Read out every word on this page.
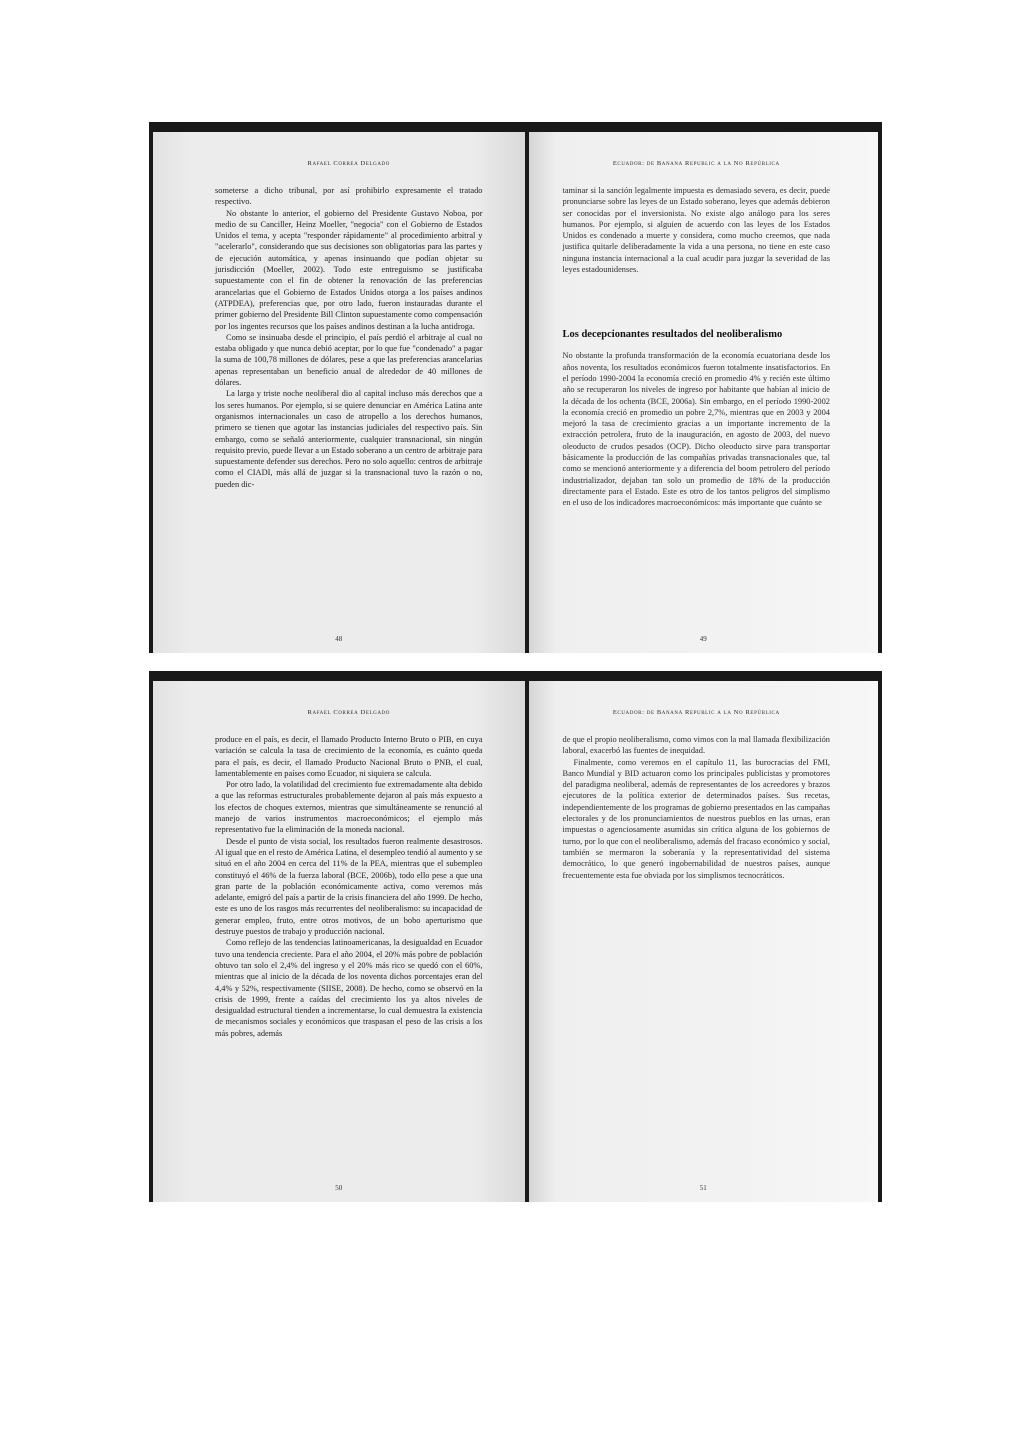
Rafael Correa Delgado

someterse a dicho tribunal, por así prohibirlo expresamente el tratado respectivo.

No obstante lo anterior, el gobierno del Presidente Gustavo Noboa, por medio de su Canciller, Heinz Moeller, "negocia" con el Gobierno de Estados Unidos el tema, y acepta "responder rápidamente" al procedimiento arbitral y "acelerarlo", considerando que sus decisiones son obligatorias para las partes y de ejecución automática, y apenas insinuando que podían objetar su jurisdicción (Moeller, 2002). Todo este entreguismo se justificaba supuestamente con el fin de obtener la renovación de las preferencias arancelarias que el Gobierno de Estados Unidos otorga a los países andinos (ATPDEA), preferencias que, por otro lado, fueron instauradas durante el primer gobierno del Presidente Bill Clinton supuestamente como compensación por los ingentes recursos que los países andinos destinan a la lucha antidroga.

Como se insinuaba desde el principio, el país perdió el arbitraje al cual no estaba obligado y que nunca debió aceptar, por lo que fue "condenado" a pagar la suma de 100,78 millones de dólares, pese a que las preferencias arancelarias apenas representaban un beneficio anual de alrededor de 40 millones de dólares.

La larga y triste noche neoliberal dio al capital incluso más derechos que a los seres humanos. Por ejemplo, si se quiere denunciar en América Latina ante organismos internacionales un caso de atropello a los derechos humanos, primero se tienen que agotar las instancias judiciales del respectivo país. Sin embargo, como se señaló anteriormente, cualquier transnacional, sin ningún requisito previo, puede llevar a un Estado soberano a un centro de arbitraje para supuestamente defender sus derechos. Pero no solo aquello: centros de arbitraje como el CIADI, más allá de juzgar si la transnacional tuvo la razón o no, pueden dic-

48
Ecuador: de Banana Republic a la No República

taminar si la sanción legalmente impuesta es demasiado severa, es decir, puede pronunciarse sobre las leyes de un Estado soberano, leyes que además debieron ser conocidas por el inversionista. No existe algo análogo para los seres humanos. Por ejemplo, si alguien de acuerdo con las leyes de los Estados Unidos es condenado a muerte y considera, como mucho creemos, que nada justifica quitarle deliberadamente la vida a una persona, no tiene en este caso ninguna instancia internacional a la cual acudir para juzgar la severidad de las leyes estadounidenses.

Los decepcionantes resultados del neoliberalismo

No obstante la profunda transformación de la economía ecuatoriana desde los años noventa, los resultados económicos fueron totalmente insatisfactorios. En el período 1990-2004 la economía creció en promedio 4% y recién este último año se recuperaron los niveles de ingreso por habitante que habían al inicio de la década de los ochenta (BCE, 2006a). Sin embargo, en el período 1990-2002 la economía creció en promedio un pobre 2,7%, mientras que en 2003 y 2004 mejoró la tasa de crecimiento gracias a un importante incremento de la extracción petrolera, fruto de la inauguración, en agosto de 2003, del nuevo oleoducto de crudos pesados (OCP). Dicho oleoducto sirve para transportar básicamente la producción de las compañías privadas transnacionales que, tal como se mencionó anteriormente y a diferencia del boom petrolero del período industrializador, dejaban tan solo un promedio de 18% de la producción directamente para el Estado. Este es otro de los tantos peligros del simplismo en el uso de los indicadores macroeconómicos: más importante que cuánto se

49
Rafael Correa Delgado

produce en el país, es decir, el llamado Producto Interno Bruto o PIB, en cuya variación se calcula la tasa de crecimiento de la economía, es cuánto queda para el país, es decir, el llamado Producto Nacional Bruto o PNB, el cual, lamentablemente en países como Ecuador, ni siquiera se calcula.

Por otro lado, la volatilidad del crecimiento fue extremadamente alta debido a que las reformas estructurales probablemente dejaron al país más expuesto a los efectos de choques externos, mientras que simultáneamente se renunció al manejo de varios instrumentos macroeconómicos; el ejemplo más representativo fue la eliminación de la moneda nacional.

Desde el punto de vista social, los resultados fueron realmente desastrosos. Al igual que en el resto de América Latina, el desempleo tendió al aumento y se situó en el año 2004 en cerca del 11% de la PEA, mientras que el subempleo constituyó el 46% de la fuerza laboral (BCE, 2006b), todo ello pese a que una gran parte de la población económicamente activa, como veremos más adelante, emigró del país a partir de la crisis financiera del año 1999. De hecho, este es uno de los rasgos más recurrentes del neoliberalismo: su incapacidad de generar empleo, fruto, entre otros motivos, de un bobo aperturismo que destruye puestos de trabajo y producción nacional.

Como reflejo de las tendencias latinoamericanas, la desigualdad en Ecuador tuvo una tendencia creciente. Para el año 2004, el 20% más pobre de población obtuvo tan solo el 2,4% del ingreso y el 20% más rico se quedó con el 60%, mientras que al inicio de la década de los noventa dichos porcentajes eran del 4,4% y 52%, respectivamente (SIISE, 2008). De hecho, como se observó en la crisis de 1999, frente a caídas del crecimiento los ya altos niveles de desigualdad estructural tienden a incrementarse, lo cual demuestra la existencia de mecanismos sociales y económicos que traspasan el peso de las crisis a los más pobres, además

50
Ecuador: de Banana Republic a la No República

de que el propio neoliberalismo, como vimos con la mal llamada flexibilización laboral, exacerbó las fuentes de inequidad.

Finalmente, como veremos en el capítulo 11, las burocracias del FMI, Banco Mundial y BID actuaron como los principales publicistas y promotores del paradigma neoliberal, además de representantes de los acreedores y brazos ejecutores de la política exterior de determinados países. Sus recetas, independientemente de los programas de gobierno presentados en las campañas electorales y de los pronunciamientos de nuestros pueblos en las urnas, eran impuestas o agenciosamente asumidas sin crítica alguna de los gobiernos de turno, por lo que con el neoliberalismo, además del fracaso económico y social, también se mermaron la soberanía y la representatividad del sistema democrático, lo que generó ingobernabilidad de nuestros países, aunque frecuentemente esta fue obviada por los simplismos tecnocráticos.

51
